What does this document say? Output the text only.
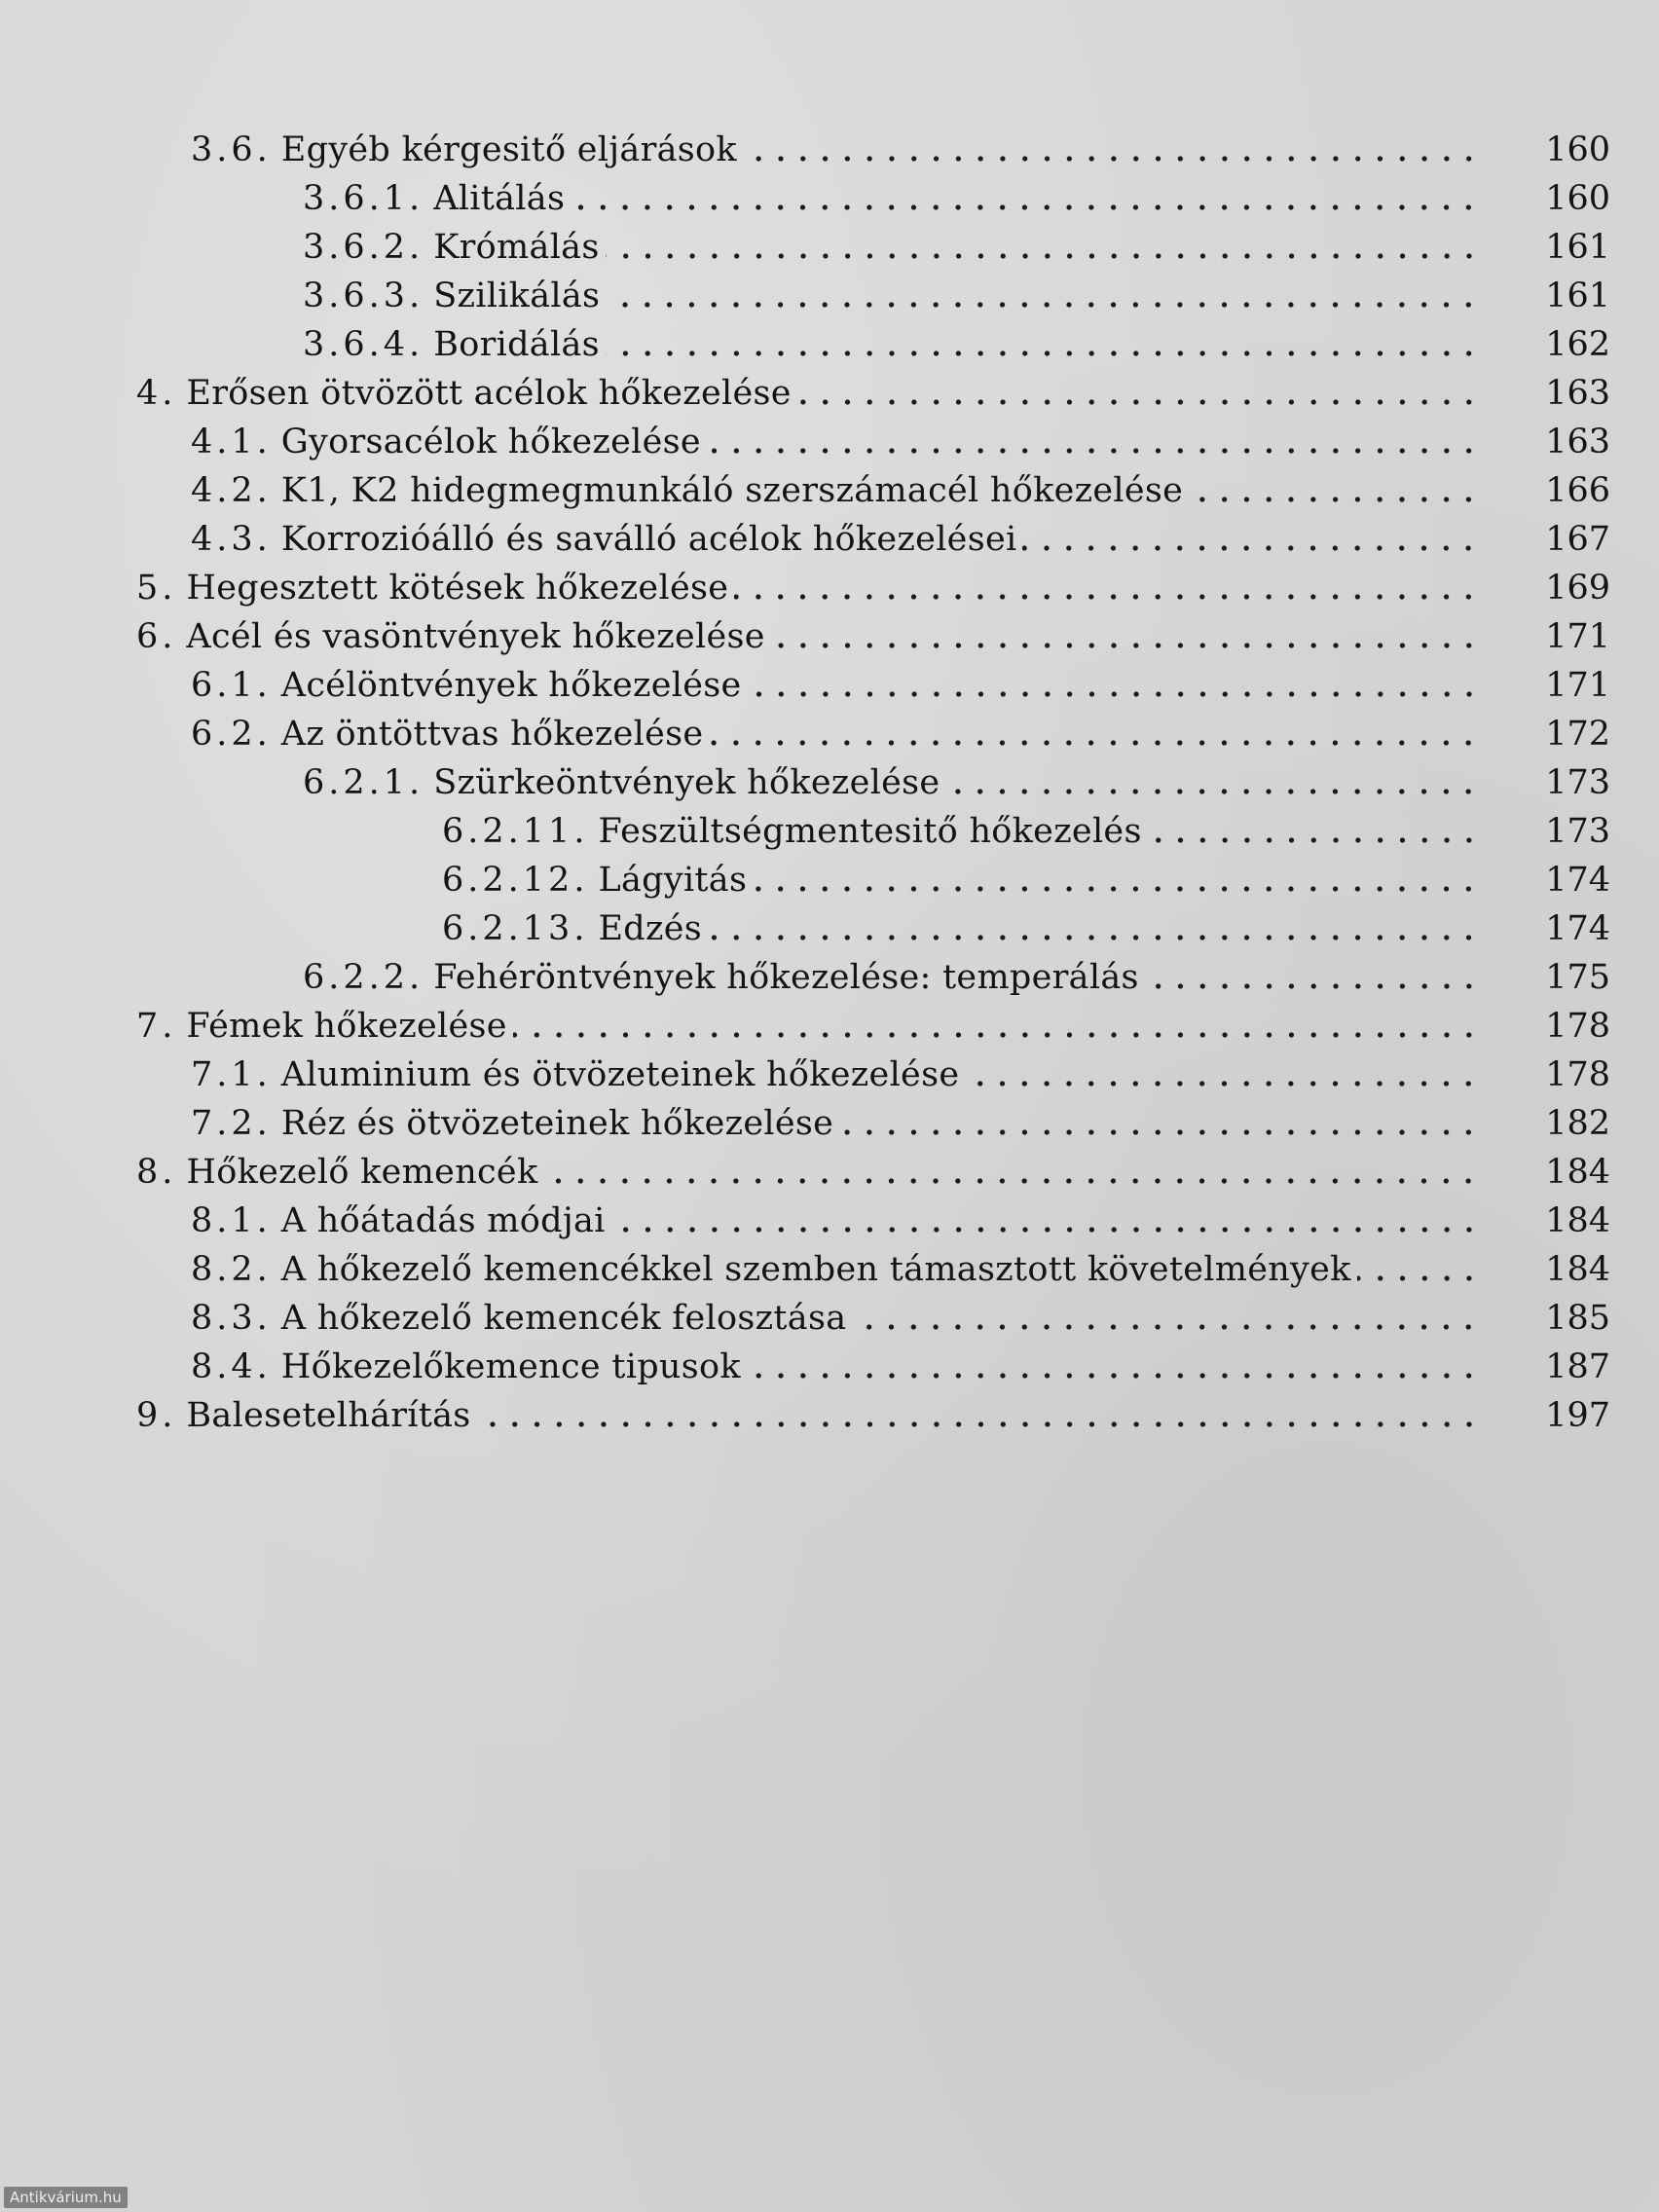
3.6. Egyéb kérgesitő eljárások	160
3.6.1. Alitálás	160
3.6.2. Krómálás	161
3.6.3. Szilikálás	161
3.6.4. Boridálás	162
4. Erősen ötvözött acélok hőkezelése	163
4.1. Gyorsacélok hőkezelése	163
4.2. K1, K2 hidegmegmunkáló szerszámacél hőkezelése	166
4.3. Korrozióálló és saválló acélok hőkezelései	167
5. Hegesztett kötések hőkezelése	169
6. Acél és vasöntvények hőkezelése	171
6.1. Acélöntvények hőkezelése	171
6.2. Az öntöttvas hőkezelése	172
6.2.1. Szürkeöntvények hőkezelése	173
6.2.11. Feszültségmentesitő hőkezelés	173
6.2.12. Lágyitás	174
6.2.13. Edzés	174
6.2.2. Fehéröntvények hőkezelése: temperálás	175
7. Fémek hőkezelése	178
7.1. Aluminium és ötvözeteinek hőkezelése	178
7.2. Réz és ötvözeteinek hőkezelése	182
8. Hőkezelő kemencék	184
8.1. A hőátadás módjai	184
8.2. A hőkezelő kemencékkel szemben támasztott követelmények	184
8.3. A hőkezelő kemencék felosztása	185
8.4. Hőkezelőkemence tipusok	187
9. Balesetelhárítás	197
Antikvárium.hu
